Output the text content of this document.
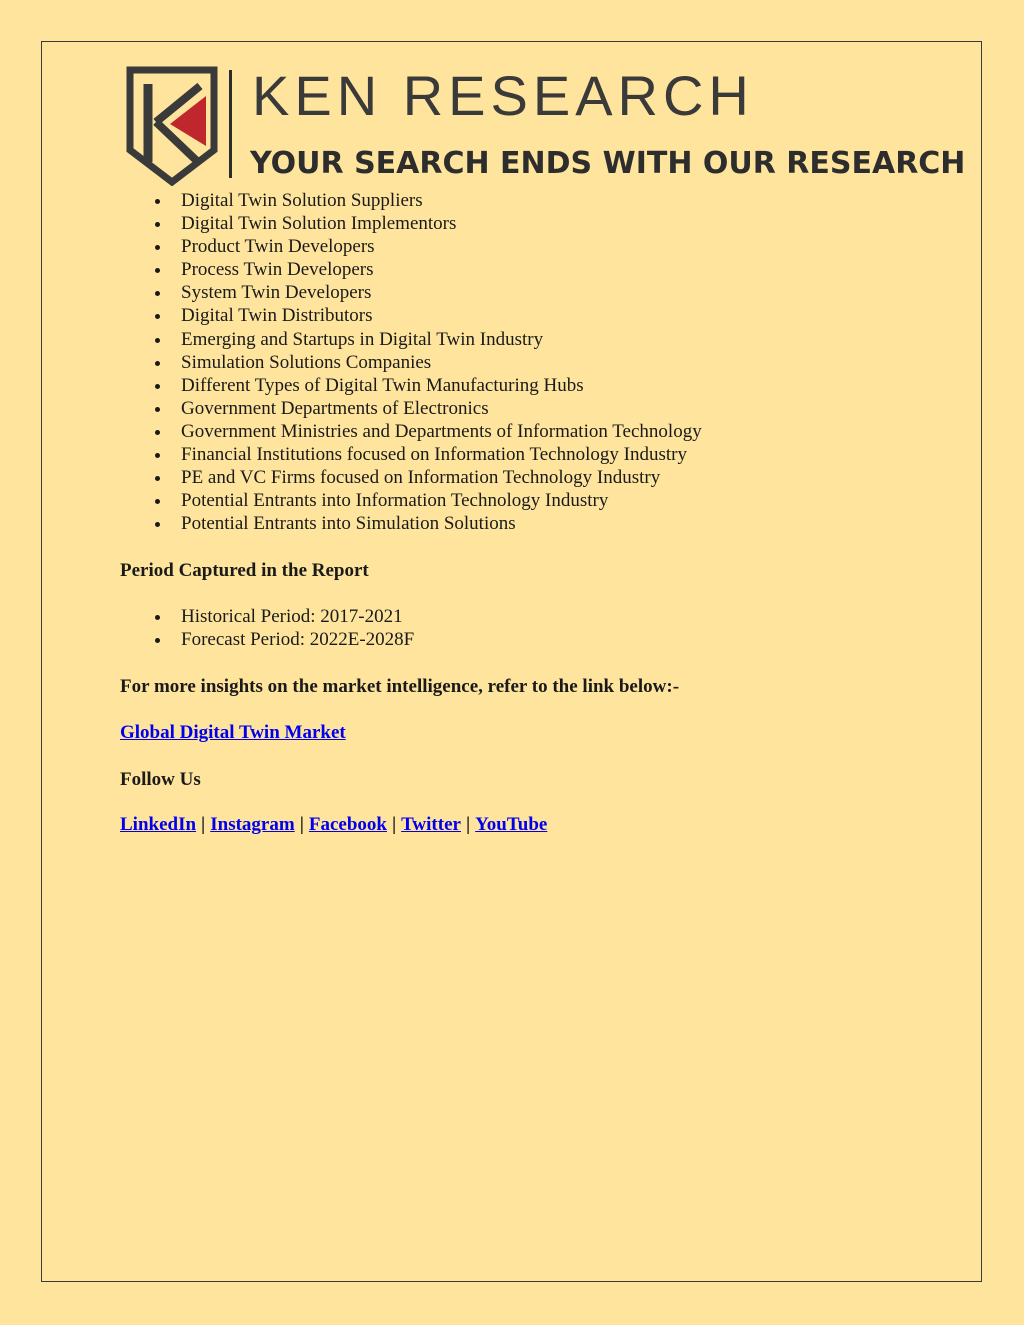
KEN RESEARCH
YOUR SEARCH ENDS WITH OUR RESEARCH
Digital Twin Solution Suppliers
Digital Twin Solution Implementors
Product Twin Developers
Process Twin Developers
System Twin Developers
Digital Twin Distributors
Emerging and Startups in Digital Twin Industry
Simulation Solutions Companies
Different Types of Digital Twin Manufacturing Hubs
Government Departments of Electronics
Government Ministries and Departments of Information Technology
Financial Institutions focused on Information Technology Industry
PE and VC Firms focused on Information Technology Industry
Potential Entrants into Information Technology Industry
Potential Entrants into Simulation Solutions
Period Captured in the Report
Historical Period: 2017-2021
Forecast Period: 2022E-2028F
For more insights on the market intelligence, refer to the link below:-
Global Digital Twin Market
Follow Us
LinkedIn | Instagram | Facebook | Twitter | YouTube
